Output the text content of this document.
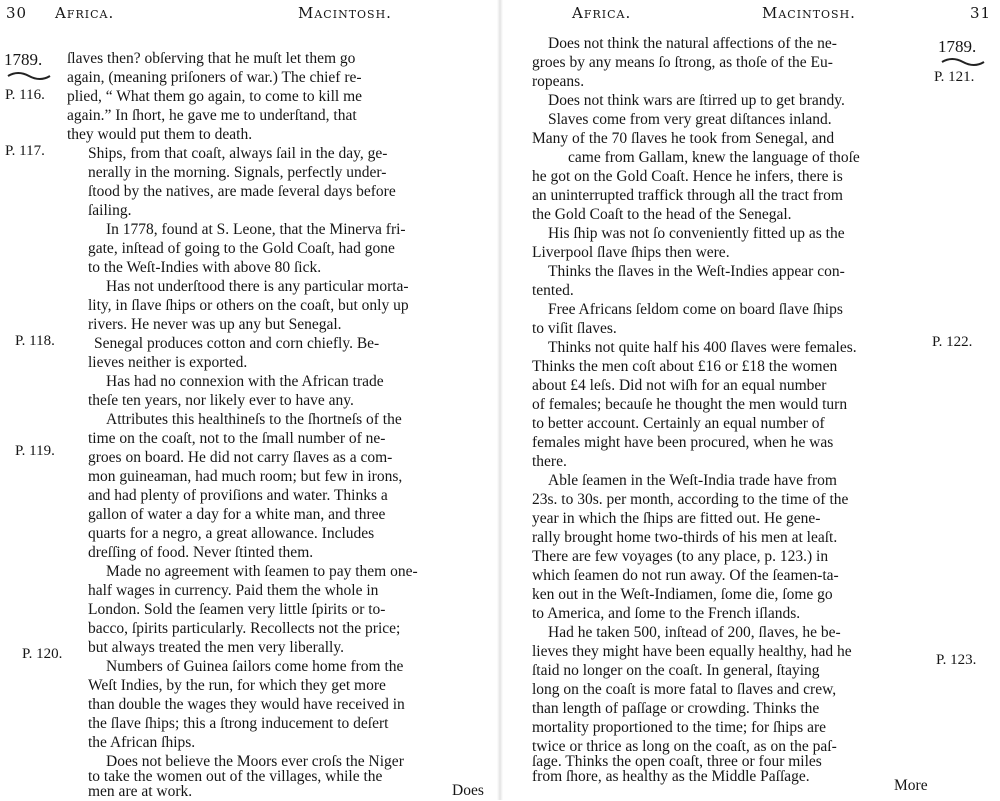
30 Africa.	Macintosh.
1789.
P. 116.
P. 117.
P. 118.
P. 119.
P. 120.
ſlaves then? obſerving that he muſt let them go
again, (meaning priſoners of war.) The chief re-
plied, “ What them go again, to come to kill me
again.” In ſhort, he gave me to underſtand, that
they would put them to death.
Ships, from that coaſt, always ſail in the day, ge-
nerally in the morning. Signals, perfectly under-
ſtood by the natives, are made ſeveral days before
ſailing.
In 1778, found at S. Leone, that the Minerva fri-
gate, inſtead of going to the Gold Coaſt, had gone
to the Weſt-Indies with above 80 ſick.
Has not underſtood there is any particular morta-
lity, in ſlave ſhips or others on the coaſt, but only up
rivers. He never was up any but Senegal.
Senegal produces cotton and corn chiefly. Be-
lieves neither is exported.
Has had no connexion with the African trade
theſe ten years, nor likely ever to have any.
Attributes this healthineſs to the ſhortneſs of the
time on the coaſt, not to the ſmall number of ne-
groes on board. He did not carry ſlaves as a com-
mon guineaman, had much room; but few in irons,
and had plenty of proviſions and water. Thinks a
gallon of water a day for a white man, and three
quarts for a negro, a great allowance. Includes
dreſſing of food. Never ſtinted them.
Made no agreement with ſeamen to pay them one-
half wages in currency. Paid them the whole in
London. Sold the ſeamen very little ſpirits or to-
bacco, ſpirits particularly. Recollects not the price;
but always treated the men very liberally.
Numbers of Guinea ſailors come home from the
Weſt Indies, by the run, for which they get more
than double the wages they would have received in
the ſlave ſhips; this a ſtrong inducement to deſert
the African ſhips.
Does not believe the Moors ever croſs the Niger
to take the women out of the villages, while the
men are at work.	Does
Africa.	Macintosh.	31
1789.
P. 121.
P. 122.
P. 123.
Does not think the natural affections of the ne-
groes by any means ſo ſtrong, as thoſe of the Eu-
ropeans.
Does not think wars are ſtirred up to get brandy.
Slaves come from very great diſtances inland.
Many of the 70 ſlaves he took from Senegal, and
came from Gallam, knew the language of thoſe
he got on the Gold Coaſt. Hence he infers, there is
an uninterrupted traffick through all the tract from
the Gold Coaſt to the head of the Senegal.
His ſhip was not ſo conveniently fitted up as the
Liverpool ſlave ſhips then were.
Thinks the ſlaves in the Weſt-Indies appear con-
tented.
Free Africans ſeldom come on board ſlave ſhips
to viſit ſlaves.
Thinks not quite half his 400 ſlaves were females.
Thinks the men coſt about £16 or £18 the women
about £4 leſs. Did not wiſh for an equal number
of females; becauſe he thought the men would turn
to better account. Certainly an equal number of
females might have been procured, when he was
there.
Able ſeamen in the Weſt-India trade have from
23s. to 30s. per month, according to the time of the
year in which the ſhips are fitted out. He gene-
rally brought home two-thirds of his men at leaſt.
There are few voyages (to any place, p. 123.) in
which ſeamen do not run away. Of the ſeamen-ta-
ken out in the Weſt-Indiamen, ſome die, ſome go
to America, and ſome to the French iſlands.
Had he taken 500, inſtead of 200, ſlaves, he be-
lieves they might have been equally healthy, had he
ſtaid no longer on the coaſt. In general, ſtaying
long on the coaſt is more fatal to ſlaves and crew,
than length of paſſage or crowding. Thinks the
mortality proportioned to the time; for ſhips are
twice or thrice as long on the coaſt, as on the paſ-
ſage. Thinks the open coaſt, three or four miles
from ſhore, as healthy as the Middle Paſſage.
More
